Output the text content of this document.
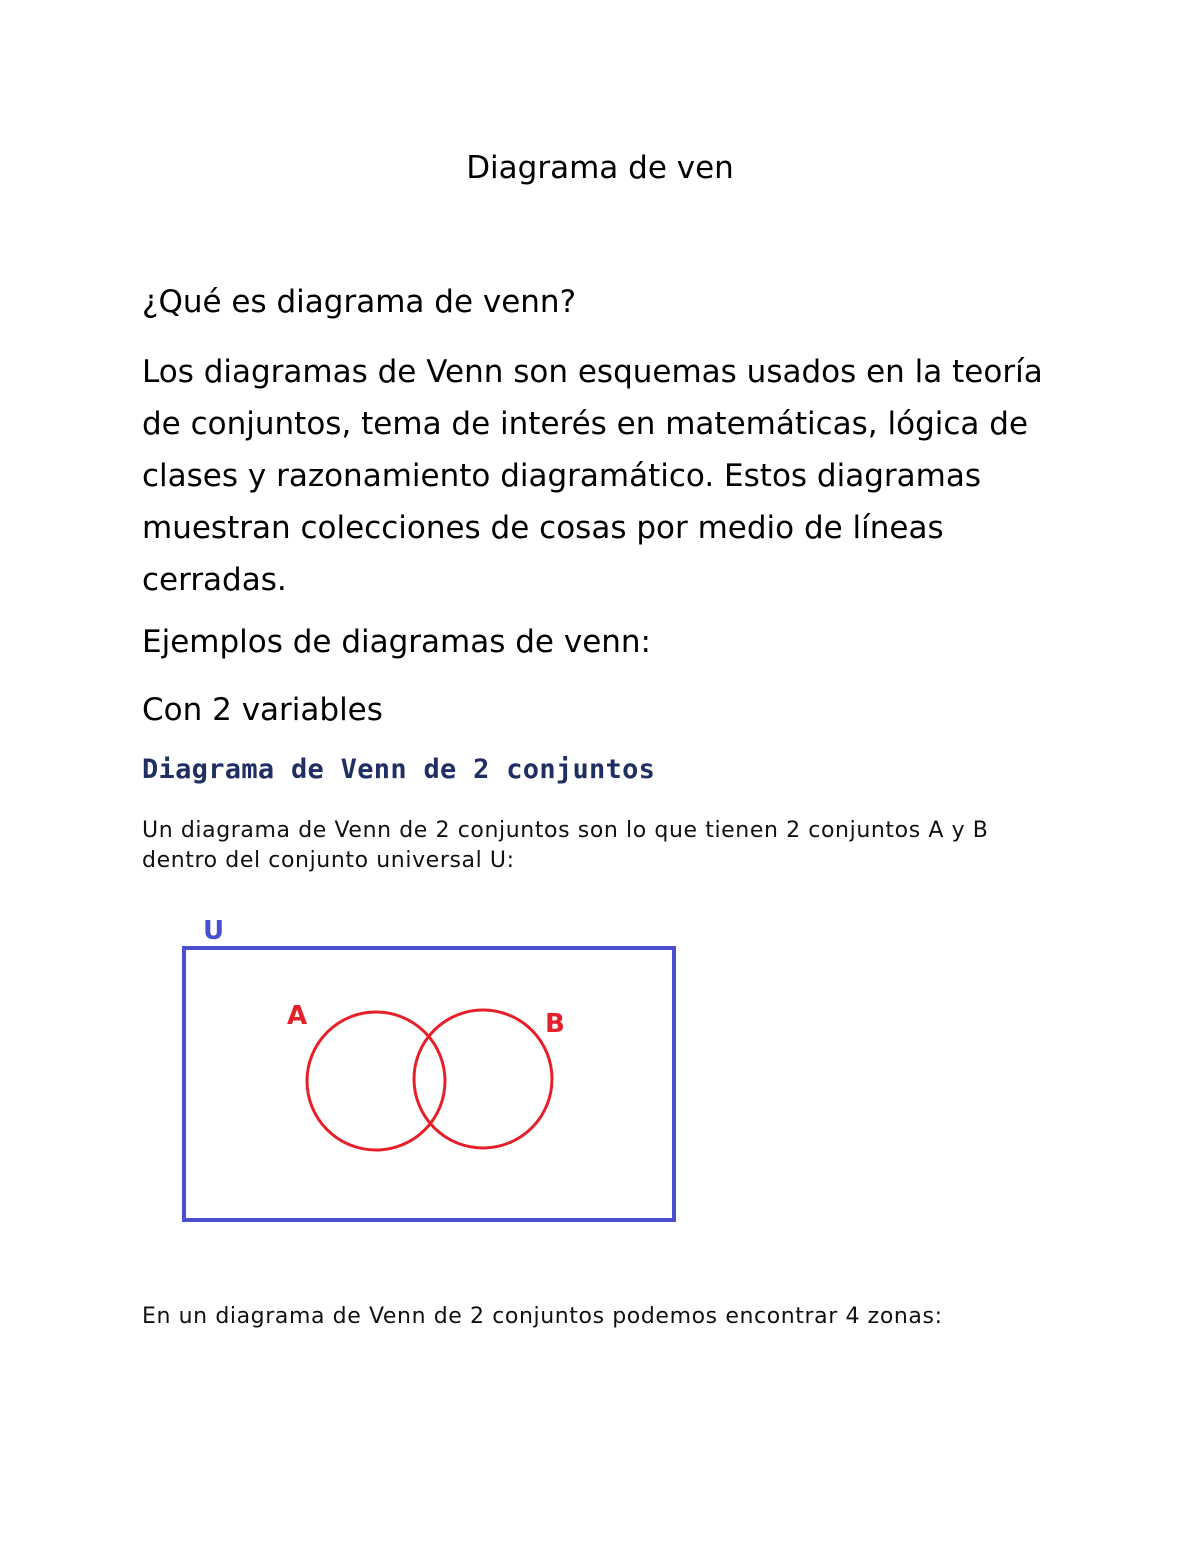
Diagrama de ven
¿Qué es diagrama de venn?

Los diagramas de Venn son esquemas usados en la teoría de conjuntos, tema de interés en matemáticas, lógica de clases y razonamiento diagramático. Estos diagramas muestran colecciones de cosas por medio de líneas cerradas.

Ejemplos de diagramas de venn:
Con 2 variables
Diagrama de Venn de 2 conjuntos

Un diagrama de Venn de 2 conjuntos son lo que tienen 2 conjuntos A y B dentro del conjunto universal U:

U
A	B

En un diagrama de Venn de 2 conjuntos podemos encontrar 4 zonas:
